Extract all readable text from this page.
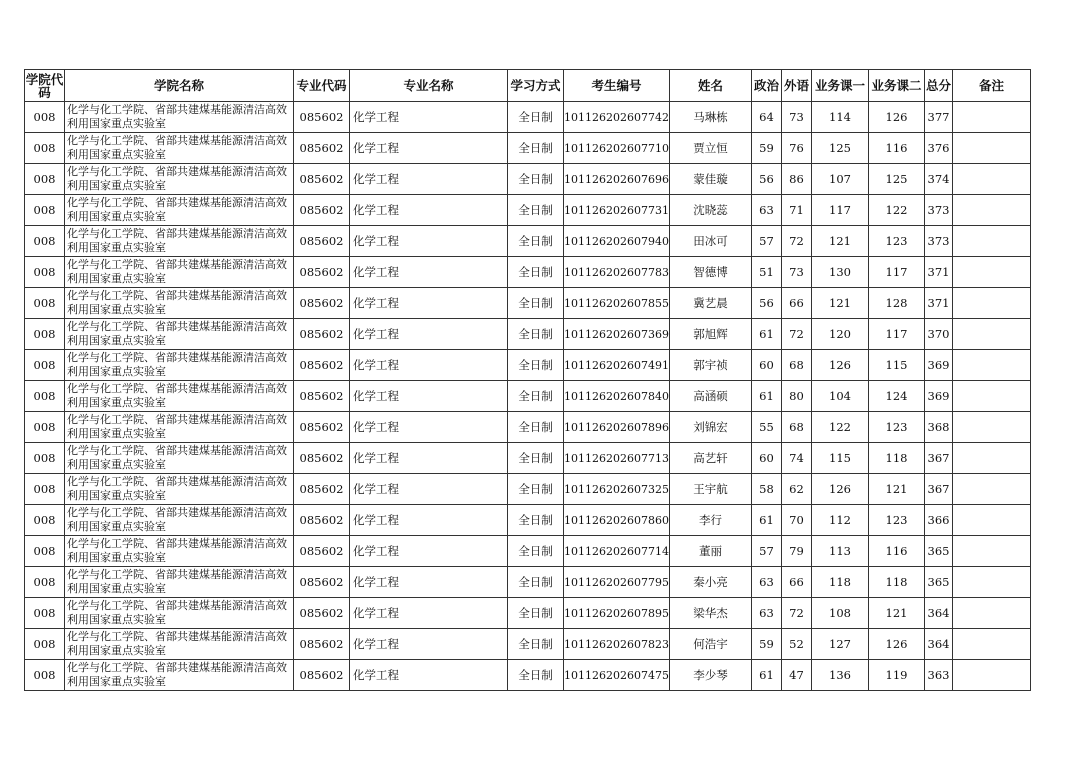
学院代码	学院名称	专业代码	专业名称	学习方式	考生编号	姓名	政治	外语	业务课一	业务课二	总分	备注
008	化学与化工学院、省部共建煤基能源清洁高效利用国家重点实验室	085602	化学工程	全日制	101126202607742	马琳栋	64	73	114	126	377	
008	化学与化工学院、省部共建煤基能源清洁高效利用国家重点实验室	085602	化学工程	全日制	101126202607710	贾立恒	59	76	125	116	376	
008	化学与化工学院、省部共建煤基能源清洁高效利用国家重点实验室	085602	化学工程	全日制	101126202607696	蒙佳璇	56	86	107	125	374	
008	化学与化工学院、省部共建煤基能源清洁高效利用国家重点实验室	085602	化学工程	全日制	101126202607731	沈晓蕊	63	71	117	122	373	
008	化学与化工学院、省部共建煤基能源清洁高效利用国家重点实验室	085602	化学工程	全日制	101126202607940	田冰可	57	72	121	123	373	
008	化学与化工学院、省部共建煤基能源清洁高效利用国家重点实验室	085602	化学工程	全日制	101126202607783	智德博	51	73	130	117	371	
008	化学与化工学院、省部共建煤基能源清洁高效利用国家重点实验室	085602	化学工程	全日制	101126202607855	冀艺晨	56	66	121	128	371	
008	化学与化工学院、省部共建煤基能源清洁高效利用国家重点实验室	085602	化学工程	全日制	101126202607369	郭旭辉	61	72	120	117	370	
008	化学与化工学院、省部共建煤基能源清洁高效利用国家重点实验室	085602	化学工程	全日制	101126202607491	郭宇祯	60	68	126	115	369	
008	化学与化工学院、省部共建煤基能源清洁高效利用国家重点实验室	085602	化学工程	全日制	101126202607840	高涵硕	61	80	104	124	369	
008	化学与化工学院、省部共建煤基能源清洁高效利用国家重点实验室	085602	化学工程	全日制	101126202607896	刘锦宏	55	68	122	123	368	
008	化学与化工学院、省部共建煤基能源清洁高效利用国家重点实验室	085602	化学工程	全日制	101126202607713	高艺轩	60	74	115	118	367	
008	化学与化工学院、省部共建煤基能源清洁高效利用国家重点实验室	085602	化学工程	全日制	101126202607325	王宇航	58	62	126	121	367	
008	化学与化工学院、省部共建煤基能源清洁高效利用国家重点实验室	085602	化学工程	全日制	101126202607860	李行	61	70	112	123	366	
008	化学与化工学院、省部共建煤基能源清洁高效利用国家重点实验室	085602	化学工程	全日制	101126202607714	董丽	57	79	113	116	365	
008	化学与化工学院、省部共建煤基能源清洁高效利用国家重点实验室	085602	化学工程	全日制	101126202607795	秦小亮	63	66	118	118	365	
008	化学与化工学院、省部共建煤基能源清洁高效利用国家重点实验室	085602	化学工程	全日制	101126202607895	梁华杰	63	72	108	121	364	
008	化学与化工学院、省部共建煤基能源清洁高效利用国家重点实验室	085602	化学工程	全日制	101126202607823	何浩宇	59	52	127	126	364	
008	化学与化工学院、省部共建煤基能源清洁高效利用国家重点实验室	085602	化学工程	全日制	101126202607475	李少琴	61	47	136	119	363	
